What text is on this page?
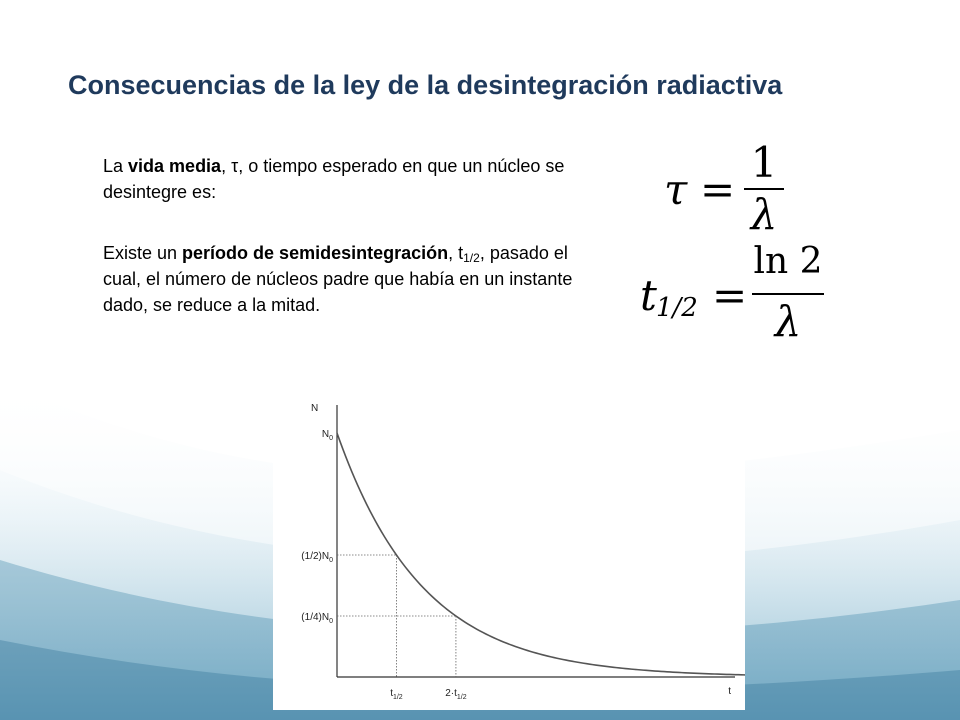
Consecuencias de la ley de la desintegración radiactiva
La vida media, τ, o tiempo esperado en que un núcleo se desintegre es:
Existe un período de semidesintegración, $t_{1/2}$, pasado el cual, el número de núcleos padre que había en un instante dado, se reduce a la mitad.
τ =
1
λ
t 1/2 =
ln 2
λ
N
t
$N_0$
$(1/2)N_0$
$(1/4)N_0$
$t_{1/2}$	$2\cdot t_{1/2}$
